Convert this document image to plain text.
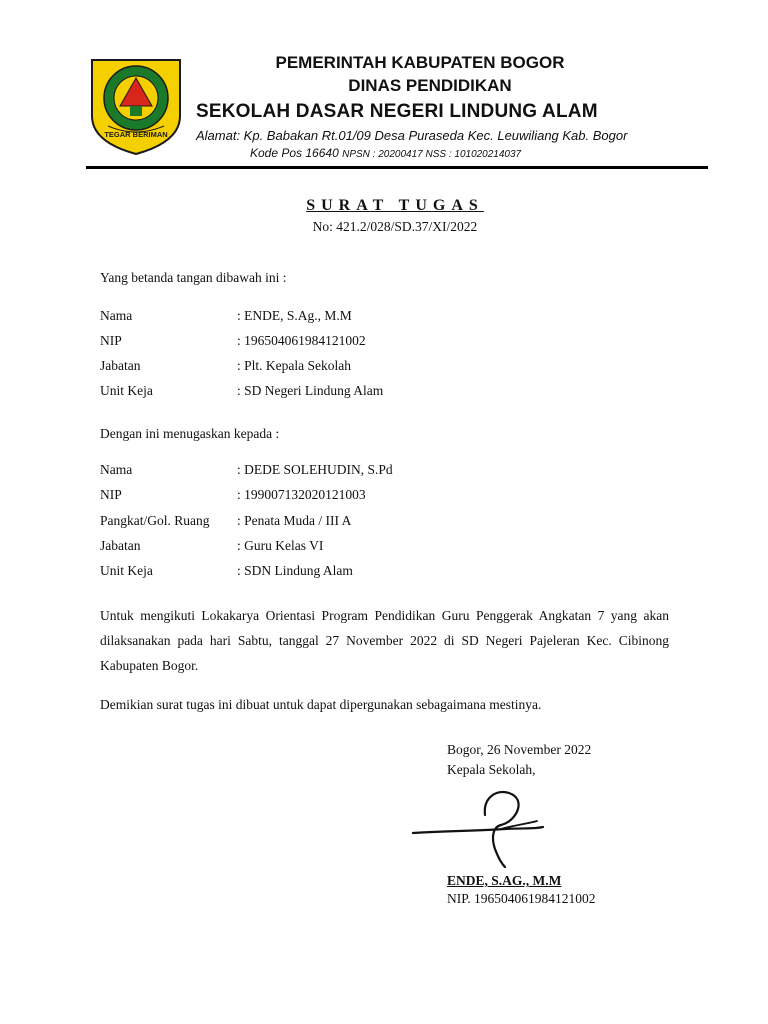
TEGAR BERIMAN
PEMERINTAH KABUPATEN BOGOR
DINAS PENDIDIKAN
SEKOLAH DASAR NEGERI LINDUNG ALAM
Alamat: Kp. Babakan Rt.01/09 Desa Puraseda Kec. Leuwiliang Kab. Bogor
Kode Pos 16640 NPSN : 20200417 NSS : 101020214037
SURAT TUGAS
No: 421.2/028/SD.37/XI/2022
Yang betanda tangan dibawah ini :
Nama	: ENDE, S.Ag., M.M
NIP	: 196504061984121002
Jabatan	: Plt. Kepala Sekolah
Unit Keja	: SD Negeri Lindung Alam
Dengan ini menugaskan kepada :
Nama	: DEDE SOLEHUDIN, S.Pd
NIP	: 199007132020121003
Pangkat/Gol. Ruang : Penata Muda / III A
Jabatan	: Guru Kelas VI
Unit Keja	: SDN Lindung Alam
Untuk mengikuti Lokakarya Orientasi Program Pendidikan Guru Penggerak Angkatan 7 yang akan dilaksanakan pada hari Sabtu, tanggal 27 November 2022 di SD Negeri Pajeleran Kec. Cibinong Kabupaten Bogor.
Demikian surat tugas ini dibuat untuk dapat dipergunakan sebagaimana mestinya.
Bogor, 26 November 2022
Kepala Sekolah,
ENDE, S.AG., M.M
NIP. 196504061984121002
